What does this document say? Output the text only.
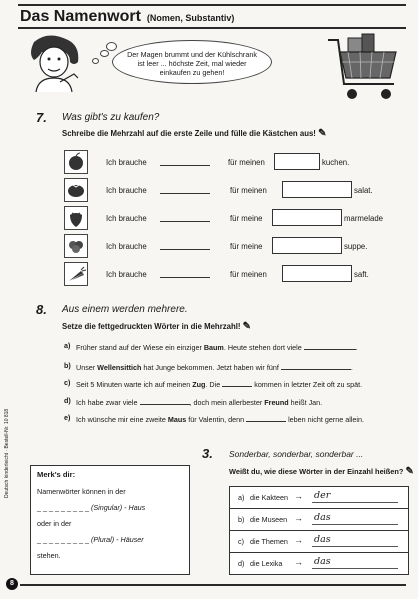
Das Namenwort (Nomen, Substantiv)
Der Magen brummt und der Kühlschrank ist leer ... höchste Zeit, mal wieder einkaufen zu gehen!
7. Was gibt's zu kaufen?
Schreibe die Mehrzahl auf die erste Zeile und fülle die Kästchen aus! ✎
Ich brauche	für meinen	kuchen.
Ich brauche	für meinen	salat.
Ich brauche	für meine	marmelade
Ich brauche	für meine	suppe.
Ich brauche	für meinen	saft.
8. Aus einem werden mehrere.
Setze die fettgedruckten Wörter in die Mehrzahl! ✎
a) Früher stand auf der Wiese ein einziger Baum. Heute stehen dort viele	.
b) Unser Wellensittich hat Junge bekommen. Jetzt haben wir fünf	.
c) Seit 5 Minuten warte ich auf meinen Zug. Die	kommen in letzter Zeit oft zu spät.
d) Ich habe zwar viele	, doch mein allerbester Freund heißt Jan.
e) Ich wünsche mir eine zweite Maus für Valentin, denn	leben nicht gerne allein.
Deutsch kinderleicht · Bestell-Nr. 10 818	Merk's dir:
Namenwörter können in der
_ _ _ _ _ _ _ _ _ (Singular) - Haus
oder in der
_ _ _ _ _ _ _ _ _ (Plural) - Häuser
stehen.
3. Sonderbar, sonderbar, sonderbar ...
Weißt du, wie diese Wörter in der Einzahl heißen? ✎
a) die Kakteen → der
b) die Museen → das
c) die Themen → das
d) die Lexika → das
8
